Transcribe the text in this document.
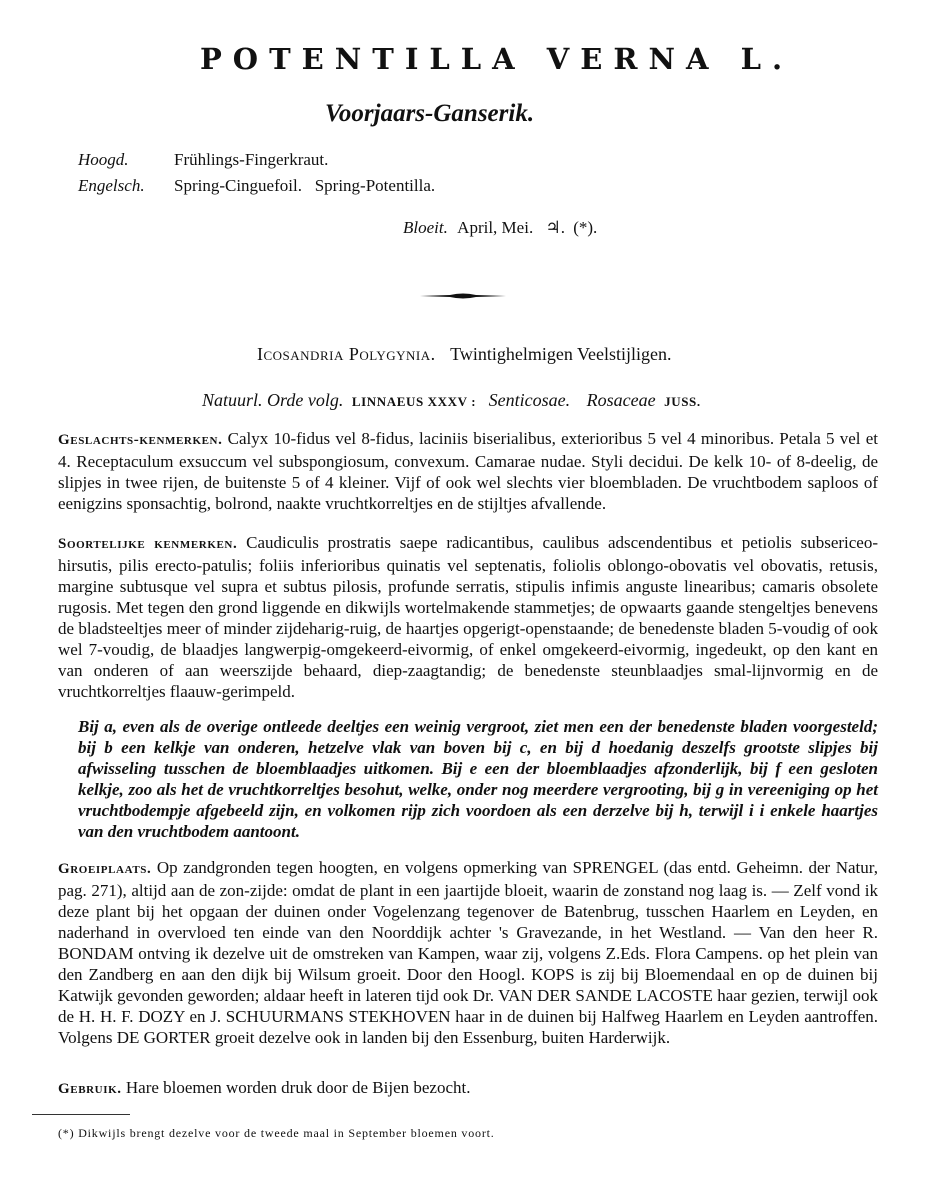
POTENTILLA VERNA L.
Voorjaars-Ganserik.
Hoogd.	Frühlings-Fingerkraut.
Engelsch. Spring-Cinguefoil.   Spring-Potentilla.
Bloeit. April, Mei. ♃. (*).
Icosandria Polygynia. Twintighelmigen Veelstijligen.
Natuurl. Orde volg. LINNAEUS XXXV : Senticosae. Rosaceae JUSS.
Geslachts-kenmerken. Calyx 10-fidus vel 8-fidus, laciniis biserialibus, exterioribus 5 vel 4 minoribus. Petala 5 vel et 4. Receptaculum exsuccum vel subspongiosum, convexum. Camarae nudae. Styli decidui. De kelk 10- of 8-deelig, de slipjes in twee rijen, de buitenste 5 of 4 kleiner. Vijf of ook wel slechts vier bloembladen. De vruchtbodem saploos of eenigzins sponsachtig, bolrond, naakte vruchtkorreltjes en de stijltjes afvallende.
Soortelijke kenmerken. Caudiculis prostratis saepe radicantibus, caulibus adscendentibus et petiolis subsericeo-hirsutis, pilis erecto-patulis; foliis inferioribus quinatis vel septenatis, foliolis oblongo-obovatis vel obovatis, retusis, margine subtusque vel supra et subtus pilosis, profunde serratis, stipulis infimis anguste linearibus; camaris obsolete rugosis. Met tegen den grond liggende en dikwijls wortelmakende stammetjes; de opwaarts gaande stengeltjes benevens de bladsteeltjes meer of minder zijdeharig-ruig, de haartjes opgerigt-openstaande; de benedenste bladen 5-voudig of ook wel 7-voudig, de blaadjes langwerpig-omgekeerd-eivormig, of enkel omgekeerd-eivormig, ingedeukt, op den kant en van onderen of aan weerszijde behaard, diep-zaagtandig; de benedenste steunblaadjes smal-lijnvormig en de vruchtkorreltjes flaauw-gerimpeld.
Bij a, even als de overige ontleede deeltjes een weinig vergroot, ziet men een der benedenste bladen voorgesteld; bij b een kelkje van onderen, hetzelve vlak van boven bij c, en bij d hoedanig deszelfs grootste slipjes bij afwisseling tusschen de bloemblaadjes uitkomen. Bij e een der bloemblaadjes afzonderlijk, bij f een gesloten kelkje, zoo als het de vruchtkorreltjes besohut, welke, onder nog meerdere vergrooting, bij g in vereeniging op het vruchtbodempje afgebeeld zijn, en volkomen rijp zich voordoen als een derzelve bij h, terwijl i i enkele haartjes van den vruchtbodem aantoont.
Groeiplaats. Op zandgronden tegen hoogten, en volgens opmerking van SPRENGEL (das entd. Geheimn. der Natur, pag. 271), altijd aan de zon-zijde: omdat de plant in een jaartijde bloeit, waarin de zonstand nog laag is. — Zelf vond ik deze plant bij het opgaan der duinen onder Vogelenzang tegenover de Batenbrug, tusschen Haarlem en Leyden, en naderhand in overvloed ten einde van den Noorddijk achter 's Gravezande, in het Westland. — Van den heer R. BONDAM ontving ik dezelve uit de omstreken van Kampen, waar zij, volgens Z.Eds. Flora Campens. op het plein van den Zandberg en aan den dijk bij Wilsum groeit. Door den Hoogl. KOPS is zij bij Bloemendaal en op de duinen bij Katwijk gevonden geworden; aldaar heeft in lateren tijd ook Dr. VAN DER SANDE LACOSTE haar gezien, terwijl ook de H. H. F. DOZY en J. SCHUURMANS STEKHOVEN haar in de duinen bij Halfweg Haarlem en Leyden aantroffen. Volgens DE GORTER groeit dezelve ook in landen bij den Essenburg, buiten Harderwijk.
Gebruik. Hare bloemen worden druk door de Bijen bezocht.
(*) Dikwijls brengt dezelve voor de tweede maal in September bloemen voort.
